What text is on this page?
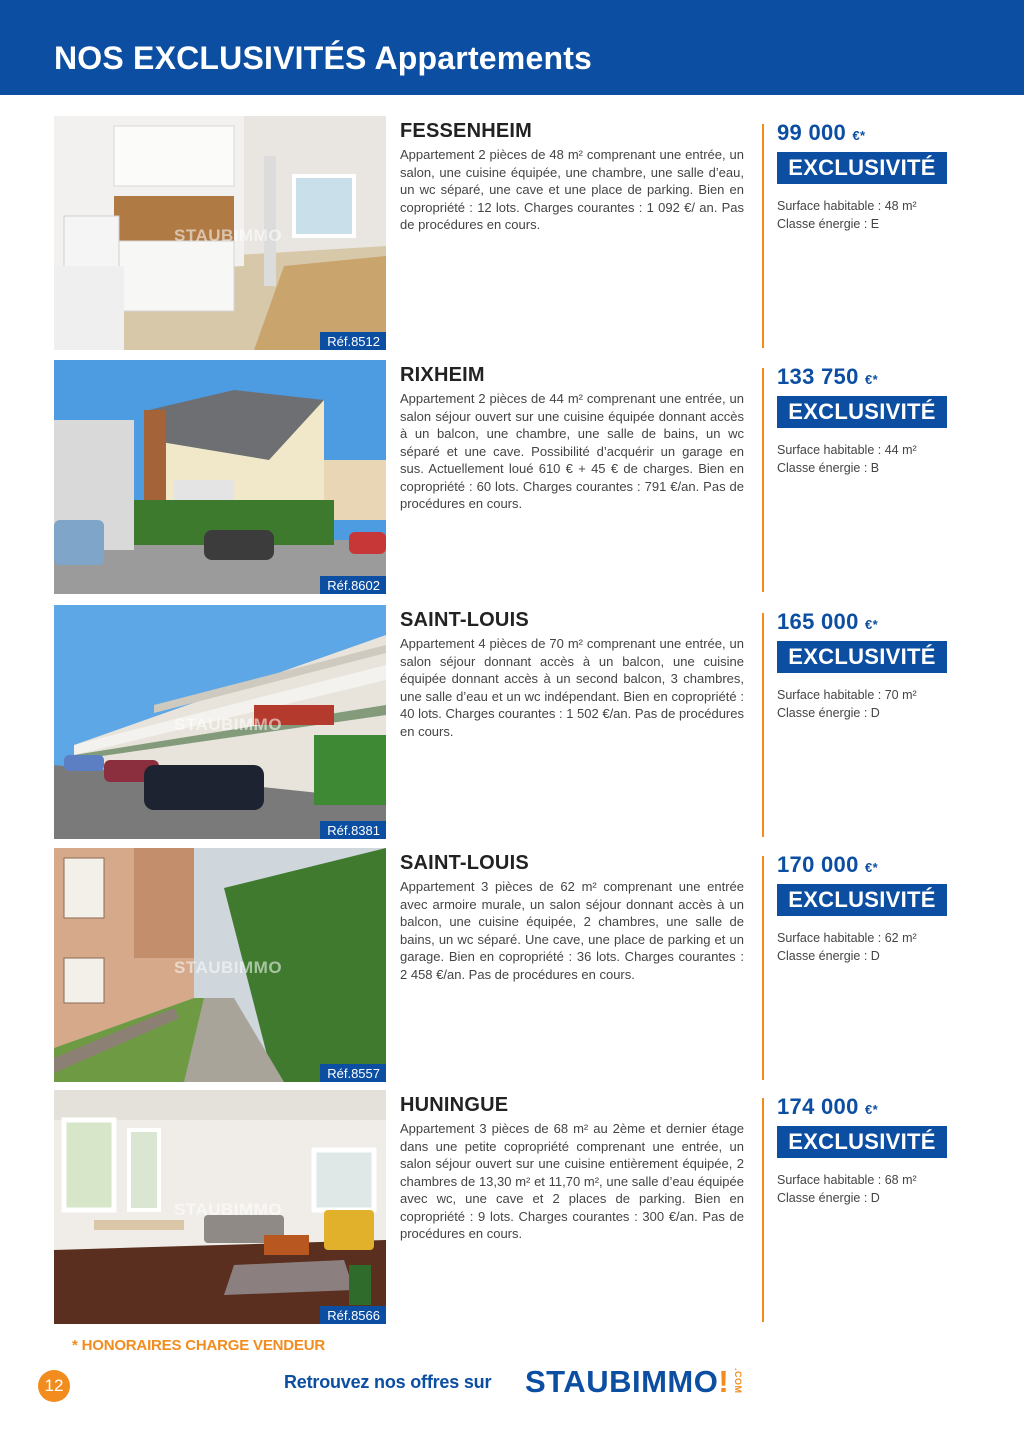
NOS EXCLUSIVITÉS Appartements
STAUBIMMO
Réf.8512
FESSENHEIM
Appartement 2 pièces de 48 m² comprenant une entrée, un salon, une cuisine équipée, une chambre, une salle d’eau, un wc séparé, une cave et une place de parking. Bien en copropriété : 12 lots. Charges courantes : 1 092 €/ an. Pas de procédures en cours.
99 000 €*
EXCLUSIVITÉ
Surface habitable : 48 m²
Classe énergie : E
Réf.8602
RIXHEIM
Appartement 2 pièces de 44 m² comprenant une entrée, un salon séjour ouvert sur une cuisine équipée donnant accès à un balcon, une chambre, une salle de bains, un wc séparé et une cave. Possibilité d’acquérir un garage en sus. Actuellement loué 610 € + 45 € de charges. Bien en copropriété : 60 lots. Charges courantes : 791 €/an. Pas de procédures en cours.
133 750 €*
EXCLUSIVITÉ
Surface habitable : 44 m²
Classe énergie : B
STAUBIMMO
Réf.8381
SAINT-LOUIS
Appartement 4 pièces de 70 m² comprenant une entrée, un salon séjour donnant accès à un balcon, une cuisine équipée donnant accès à un second balcon, 3 chambres, une salle d’eau et un wc indépendant. Bien en copropriété : 40 lots. Charges courantes : 1 502 €/an. Pas de procédures en cours.
165 000 €*
EXCLUSIVITÉ
Surface habitable : 70 m²
Classe énergie : D
STAUBIMMO
Réf.8557
SAINT-LOUIS
Appartement 3 pièces de 62 m² comprenant une entrée avec armoire murale, un salon séjour donnant accès à un balcon, une cuisine équipée, 2 chambres, une salle de bains, un wc séparé. Une cave, une place de parking et un garage. Bien en copropriété : 36 lots. Charges courantes : 2 458 €/an. Pas de procédures en cours.
170 000 €*
EXCLUSIVITÉ
Surface habitable : 62 m²
Classe énergie : D
STAUBIMMO
Réf.8566
HUNINGUE
Appartement 3 pièces de 68 m² au 2ème et dernier étage dans une petite copropriété comprenant une entrée, un salon séjour ouvert sur une cuisine entièrement équipée, 2 chambres de 13,30 m² et 11,70 m², une salle d’eau équipée avec wc, une cave et 2 places de parking. Bien en copropriété : 9 lots. Charges courantes : 300 €/an. Pas de procédures en cours.
174 000 €*
EXCLUSIVITÉ
Surface habitable : 68 m²
Classe énergie : D
* HONORAIRES CHARGE VENDEUR
12	Retrouvez nos offres sur STAUBIMMO! .COM
